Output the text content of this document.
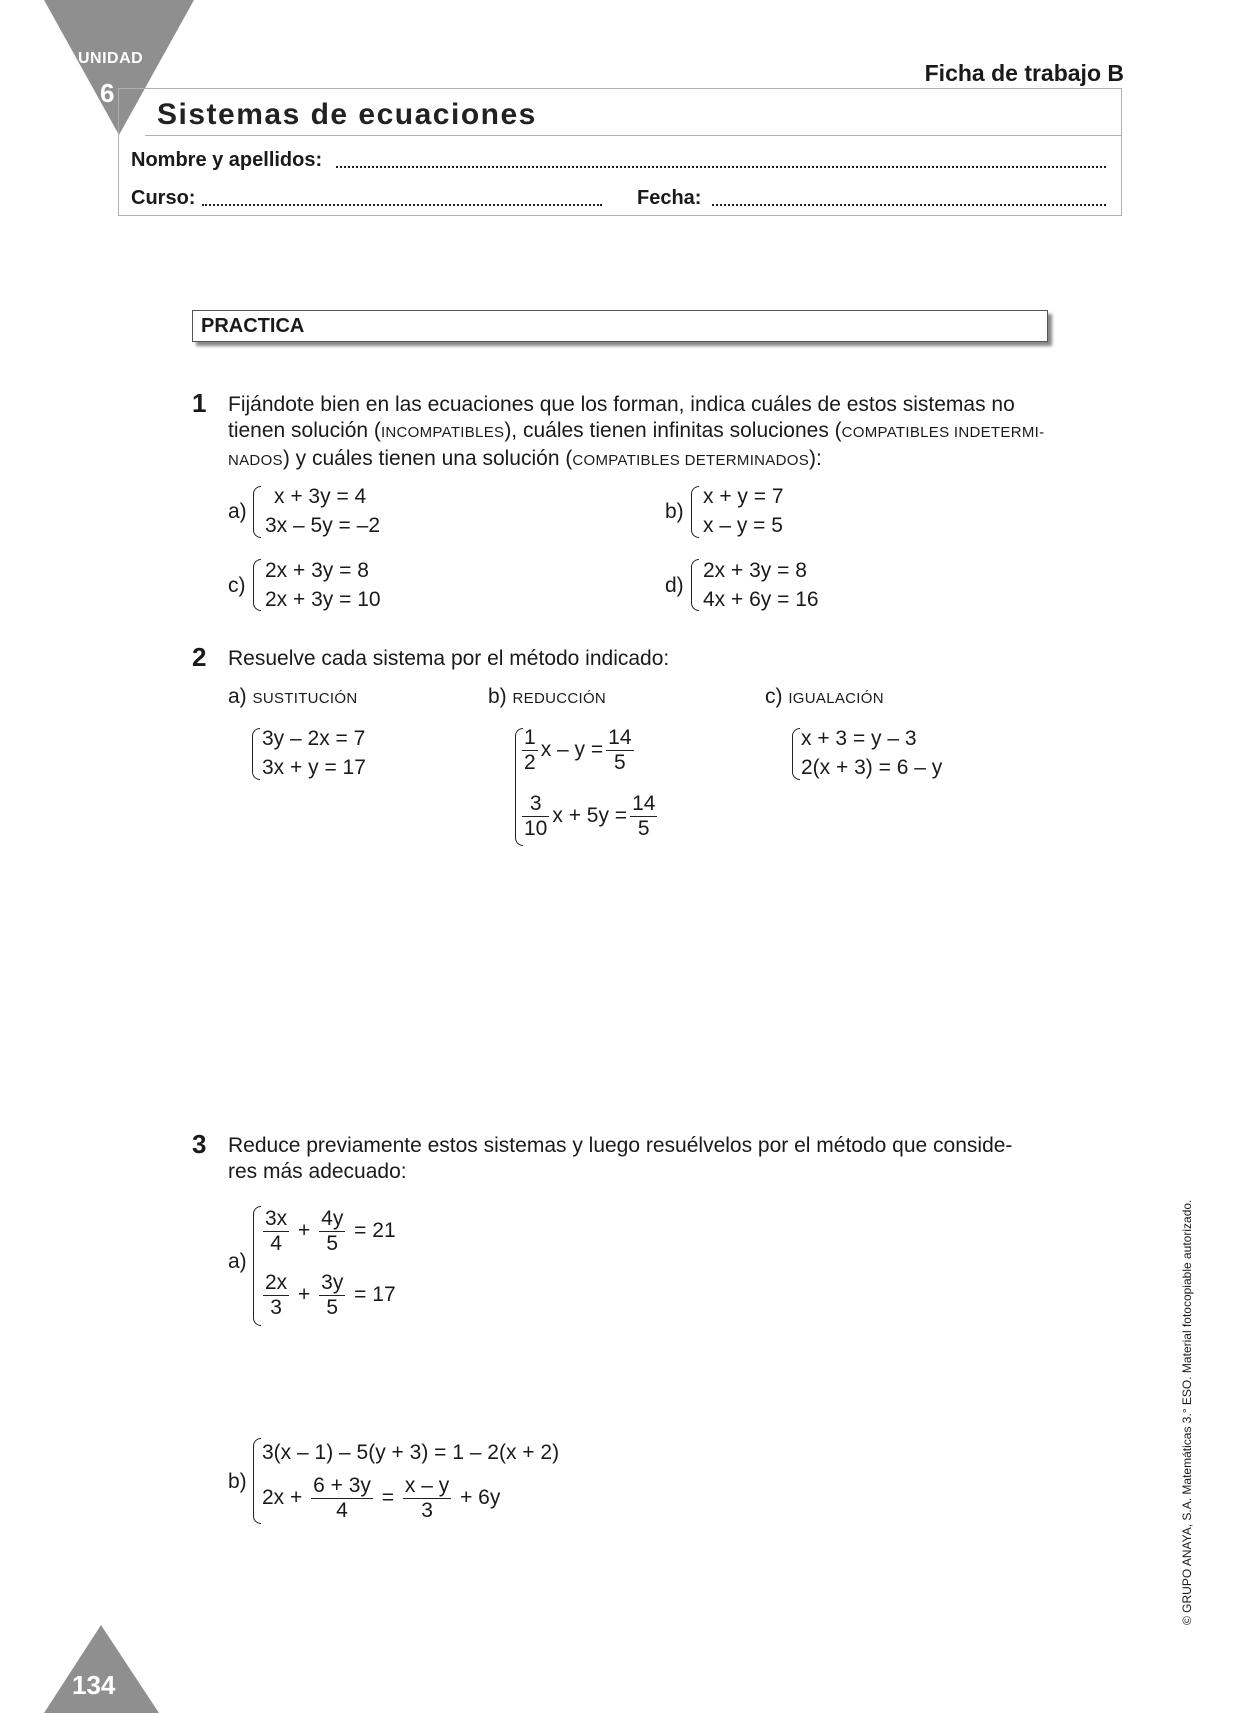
UNIDAD
6
Ficha de trabajo B
Sistemas de ecuaciones
Nombre y apellidos:
Curso:	Fecha:
PRACTICA
1 Fijándote bien en las ecuaciones que los forman, indica cuáles de estos sistemas no
tienen solución (INCOMPATIBLES), cuáles tienen infinitas soluciones (COMPATIBLES INDETERMI-
NADOS) y cuáles tienen una solución (COMPATIBLES DETERMINADOS):
a)
x + 3y = 4
3x – 5y = –2
b)
x + y = 7
x – y = 5
c)
2x + 3y = 8
2x + 3y = 10
d)
2x + 3y = 8
4x + 6y = 16
2 Resuelve cada sistema por el método indicado:
a) SUSTITUCIÓN
3y – 2x = 7
3x + y = 17
b) REDUCCIÓN
$\frac{1}{2}$ $x - y = \frac{14}{5}$
$\frac{3}{10}$ $x + 5y = \frac{14}{5}$
c) IGUALACIÓN
x + 3 = y – 3
2(x + 3) = 6 – y
3 Reduce previamente estos sistemas y luego resuélvelos por el método que conside-
res más adecuado:
a)
$\frac{3x}{4} + \frac{4y}{5} = 21$
$\frac{2x}{3} + \frac{3y}{5} = 17$
b)
3(x – 1) – 5(y + 3) = 1 – 2(x + 2)
$2x + \frac{6 + 3y}{4} = \frac{x - y}{3} + 6y$	© GRUPO ANAYA, S.A. Matemáticas 3.° ESO. Material fotocopiable autorizado.
134
